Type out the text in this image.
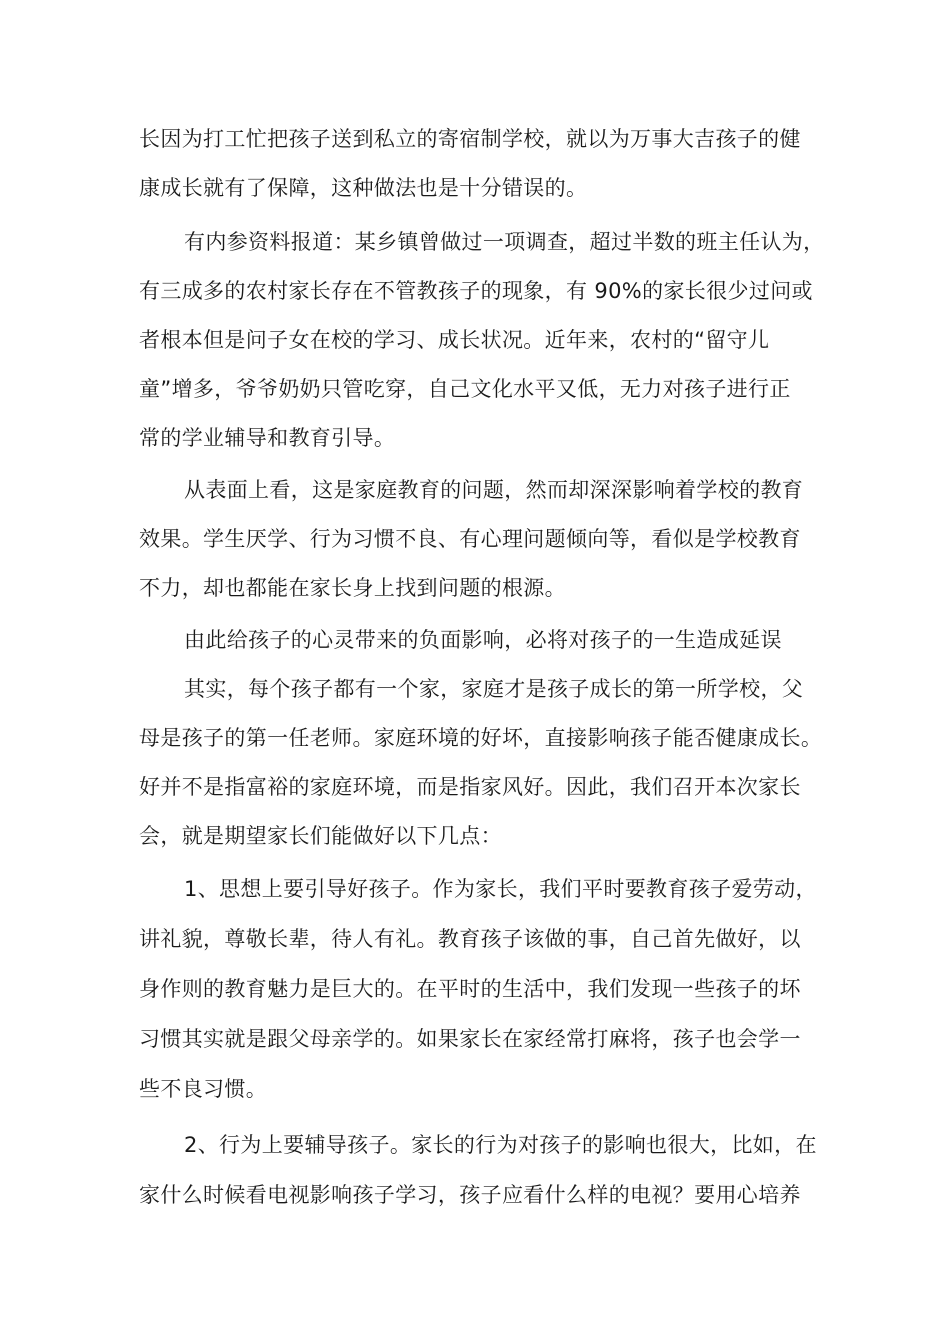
长因为打工忙把孩子送到私立的寄宿制学校，就以为万事大吉孩子的健
康成长就有了保障，这种做法也是十分错误的。
有内参资料报道：某乡镇曾做过一项调查，超过半数的班主任认为，
有三成多的农村家长存在不管教孩子的现象，有 90%的家长很少过问或
者根本但是问子女在校的学习、成长状况。近年来，农村的“留守儿
童”增多，爷爷奶奶只管吃穿，自己文化水平又低，无力对孩子进行正
常的学业辅导和教育引导。
从表面上看，这是家庭教育的问题，然而却深深影响着学校的教育
效果。学生厌学、行为习惯不良、有心理问题倾向等，看似是学校教育
不力，却也都能在家长身上找到问题的根源。
由此给孩子的心灵带来的负面影响，必将对孩子的一生造成延误
其实，每个孩子都有一个家，家庭才是孩子成长的第一所学校，父
母是孩子的第一任老师。家庭环境的好坏，直接影响孩子能否健康成长。
好并不是指富裕的家庭环境，而是指家风好。因此，我们召开本次家长
会，就是期望家长们能做好以下几点：
1、思想上要引导好孩子。作为家长，我们平时要教育孩子爱劳动，
讲礼貌，尊敬长辈，待人有礼。教育孩子该做的事，自己首先做好，以
身作则的教育魅力是巨大的。在平时的生活中，我们发现一些孩子的坏
习惯其实就是跟父母亲学的。如果家长在家经常打麻将，孩子也会学一
些不良习惯。
2、行为上要辅导孩子。家长的行为对孩子的影响也很大，比如，在
家什么时候看电视影响孩子学习，孩子应看什么样的电视？要用心培养
